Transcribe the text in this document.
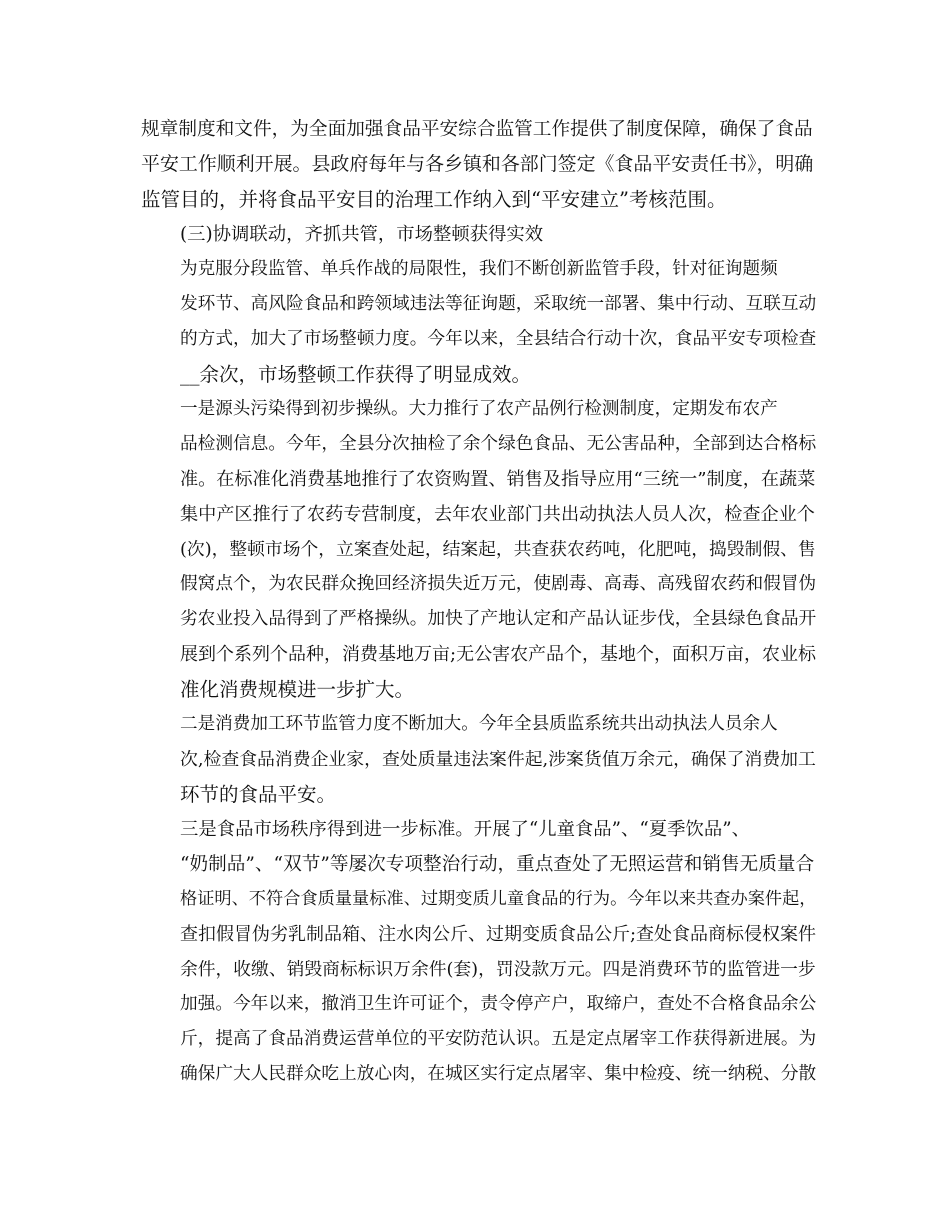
规章制度和文件，为全面加强食品平安综合监管工作提供了制度保障，确保了食品
平安工作顺利开展。县政府每年与各乡镇和各部门签定《食品平安责任书》，明确
监管目的，并将食品平安目的治理工作纳入到“平安建立”考核范围。
(三)协调联动，齐抓共管，市场整顿获得实效
为克服分段监管、单兵作战的局限性，我们不断创新监管手段，针对征询题频
发环节、高风险食品和跨领域违法等征询题，采取统一部署、集中行动、互联互动
的方式，加大了市场整顿力度。今年以来，全县结合行动十次，食品平安专项检查
__余次，市场整顿工作获得了明显成效。
一是源头污染得到初步操纵。大力推行了农产品例行检测制度，定期发布农产
品检测信息。今年，全县分次抽检了余个绿色食品、无公害品种，全部到达合格标
准。在标准化消费基地推行了农资购置、销售及指导应用“三统一”制度，在蔬菜
集中产区推行了农药专营制度，去年农业部门共出动执法人员人次，检查企业个
(次)，整顿市场个，立案查处起，结案起，共查获农药吨，化肥吨，捣毁制假、售
假窝点个，为农民群众挽回经济损失近万元，使剧毒、高毒、高残留农药和假冒伪
劣农业投入品得到了严格操纵。加快了产地认定和产品认证步伐，全县绿色食品开
展到个系列个品种，消费基地万亩;无公害农产品个，基地个，面积万亩，农业标
准化消费规模进一步扩大。
二是消费加工环节监管力度不断加大。今年全县质监系统共出动执法人员余人
次,检查食品消费企业家，查处质量违法案件起,涉案货值万余元，确保了消费加工
环节的食品平安。
三是食品市场秩序得到进一步标准。开展了“儿童食品”、“夏季饮品”、
“奶制品”、“双节”等屡次专项整治行动，重点查处了无照运营和销售无质量合
格证明、不符合食质量量标准、过期变质儿童食品的行为。今年以来共查办案件起，
查扣假冒伪劣乳制品箱、注水肉公斤、过期变质食品公斤;查处食品商标侵权案件
余件，收缴、销毁商标标识万余件(套)，罚没款万元。四是消费环节的监管进一步
加强。今年以来，撤消卫生许可证个，责令停产户，取缔户，查处不合格食品余公
斤，提高了食品消费运营单位的平安防范认识。五是定点屠宰工作获得新进展。为
确保广大人民群众吃上放心肉，在城区实行定点屠宰、集中检疫、统一纳税、分散
